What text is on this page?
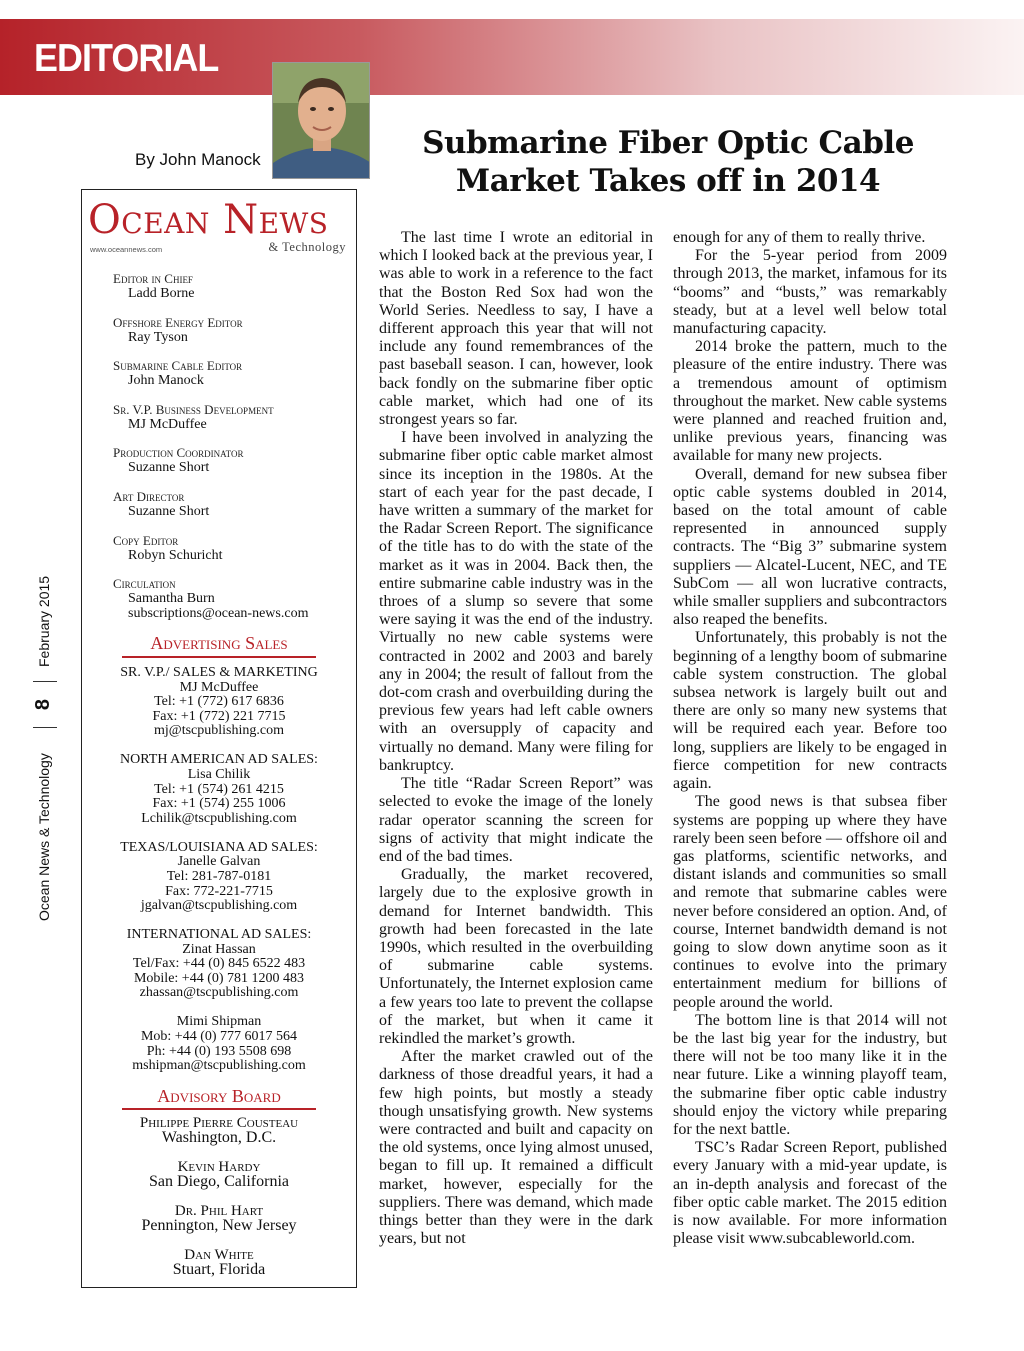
EDITORIAL
By John Manock	Submarine Fiber Optic Cable
Market Takes off in 2014
Ocean News
www.oceannews.com	& Technology
Editor in Chief
Ladd Borne
Offshore Energy Editor
Ray Tyson
Submarine Cable Editor
John Manock
Sr. V.P. Business Development
MJ McDuffee
Production Coordinator
Suzanne Short
Art Director
Suzanne Short
Copy Editor
Robyn Schuricht
Circulation
Samantha Burn
subscriptions@ocean-news.com
Advertising Sales
SR. V.P./ SALES & MARKETING
MJ McDuffee
Tel: +1 (772) 617 6836
Fax: +1 (772) 221 7715
mj@tscpublishing.com
NORTH AMERICAN AD SALES:
Lisa Chilik
Tel: +1 (574) 261 4215
Fax: +1 (574) 255 1006
Lchilik@tscpublishing.com
TEXAS/LOUISIANA AD SALES:
Janelle Galvan
Tel: 281-787-0181
Fax: 772-221-7715
jgalvan@tscpublishing.com
INTERNATIONAL AD SALES:
Zinat Hassan
Tel/Fax: +44 (0) 845 6522 483
Mobile: +44 (0) 781 1200 483
zhassan@tscpublishing.com
Mimi Shipman
Mob: +44 (0) 777 6017 564
Ph: +44 (0) 193 5508 698
mshipman@tscpublishing.com
Advisory Board
Philippe Pierre Cousteau
Washington, D.C.
Kevin Hardy
San Diego, California
Dr. Phil Hart
Pennington, New Jersey
Dan White
Stuart, Florida
Ocean News & Technology8February 2015

The last time I wrote an editorial in which I looked back at the previous year, I was able to work in a reference to the fact that the Boston Red Sox had won the World Series. Needless to say, I have a different approach this year that will not include any found remembrances of the past baseball season. I can, however, look back fondly on the submarine fiber optic cable market, which had one of its strongest years so far.

I have been involved in analyzing the submarine fiber optic cable market almost since its inception in the 1980s. At the start of each year for the past decade, I have written a summary of the market for the Radar Screen Report. The significance of the title has to do with the state of the market as it was in 2004. Back then, the entire submarine cable industry was in the throes of a slump so severe that some were saying it was the end of the industry. Virtually no new cable systems were contracted in 2002 and 2003 and barely any in 2004; the result of fallout from the dot-com crash and overbuilding during the previous few years had left cable owners with an oversupply of capacity and virtually no demand. Many were filing for bankruptcy.

The title “Radar Screen Report” was selected to evoke the image of the lonely radar operator scanning the screen for signs of activity that might indicate the end of the bad times.

Gradually, the market recovered, largely due to the explosive growth in demand for Internet bandwidth. This growth had been forecasted in the late 1990s, which resulted in the overbuilding of submarine cable systems. Unfortunately, the Internet explosion came a few years too late to prevent the collapse of the market, but when it came it rekindled the market’s growth.

After the market crawled out of the darkness of those dreadful years, it had a few high points, but mostly a steady though unsatisfying growth. New systems were contracted and built and capacity on the old systems, once lying almost unused, began to fill up. It remained a difficult market, however, especially for the suppliers. There was demand, which made things better than they were in the dark years, but not

enough for any of them to really thrive.

For the 5-year period from 2009 through 2013, the market, infamous for its “booms” and “busts,” was remarkably steady, but at a level well below total manufacturing capacity.

2014 broke the pattern, much to the pleasure of the entire industry. There was a tremendous amount of optimism throughout the market. New cable systems were planned and reached fruition and, unlike previous years, financing was available for many new projects.

Overall, demand for new subsea fiber optic cable systems doubled in 2014, based on the total amount of cable represented in announced supply contracts. The “Big 3” submarine system suppliers — Alcatel-Lucent, NEC, and TE SubCom — all won lucrative contracts, while smaller suppliers and subcontractors also reaped the benefits.

Unfortunately, this probably is not the beginning of a lengthy boom of submarine cable system construction. The global subsea network is largely built out and there are only so many new systems that will be required each year. Before too long, suppliers are likely to be engaged in fierce competition for new contracts again.

The good news is that subsea fiber systems are popping up where they have rarely been seen before — offshore oil and gas platforms, scientific networks, and distant islands and communities so small and remote that submarine cables were never before considered an option. And, of course, Internet bandwidth demand is not going to slow down anytime soon as it continues to evolve into the primary entertainment medium for billions of people around the world.

The bottom line is that 2014 will not be the last big year for the industry, but there will not be too many like it in the near future. Like a winning playoff team, the submarine fiber optic cable industry should enjoy the victory while preparing for the next battle.

TSC’s Radar Screen Report, published every January with a mid-year update, is an in-depth analysis and forecast of the fiber optic cable market. The 2015 edition is now available. For more information please visit www.subcableworld.com.
